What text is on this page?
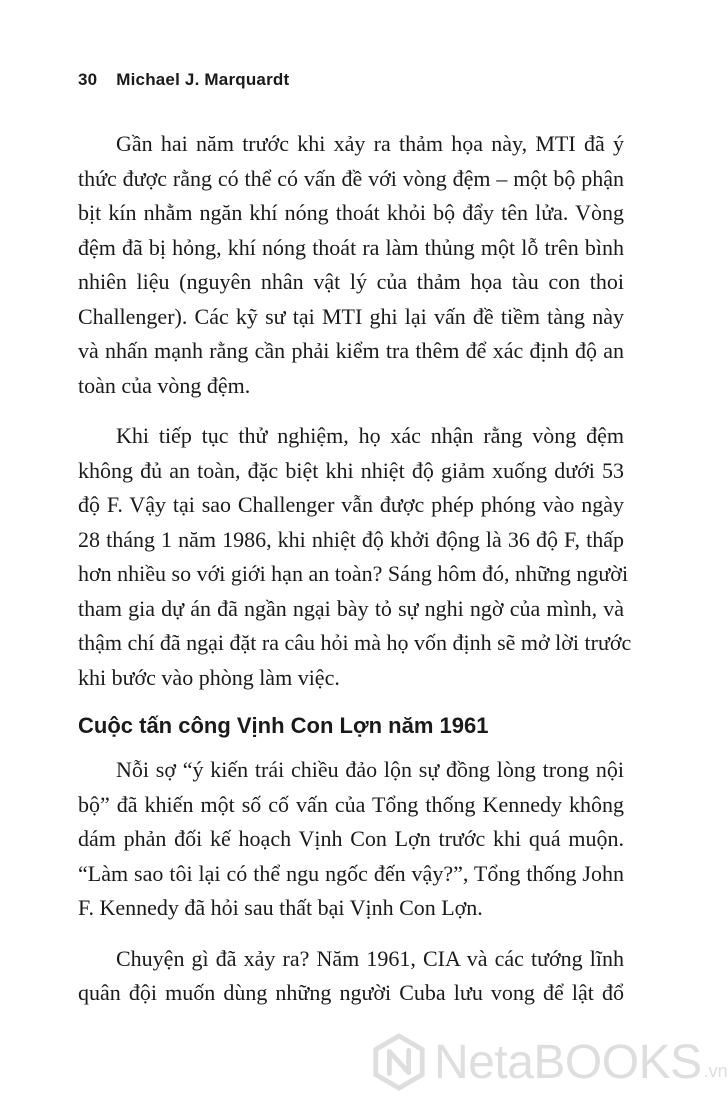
30 Michael J. Marquardt

Gần hai năm trước khi xảy ra thảm họa này, MTI đã ý
thức được rằng có thể có vấn đề với vòng đệm – một bộ phận
bịt kín nhằm ngăn khí nóng thoát khỏi bộ đẩy tên lửa. Vòng
đệm đã bị hỏng, khí nóng thoát ra làm thủng một lỗ trên bình
nhiên liệu (nguyên nhân vật lý của thảm họa tàu con thoi
Challenger). Các kỹ sư tại MTI ghi lại vấn đề tiềm tàng này
và nhấn mạnh rằng cần phải kiểm tra thêm để xác định độ an
toàn của vòng đệm.

Khi tiếp tục thử nghiệm, họ xác nhận rằng vòng đệm
không đủ an toàn, đặc biệt khi nhiệt độ giảm xuống dưới 53
độ F. Vậy tại sao Challenger vẫn được phép phóng vào ngày
28 tháng 1 năm 1986, khi nhiệt độ khởi động là 36 độ F, thấp
hơn nhiều so với giới hạn an toàn? Sáng hôm đó, những người
tham gia dự án đã ngần ngại bày tỏ sự nghi ngờ của mình, và
thậm chí đã ngại đặt ra câu hỏi mà họ vốn định sẽ mở lời trước
khi bước vào phòng làm việc.

Cuộc tấn công Vịnh Con Lợn năm 1961

Nỗi sợ “ý kiến trái chiều đảo lộn sự đồng lòng trong nội
bộ” đã khiến một số cố vấn của Tổng thống Kennedy không
dám phản đối kế hoạch Vịnh Con Lợn trước khi quá muộn.
“Làm sao tôi lại có thể ngu ngốc đến vậy?”, Tổng thống John
F. Kennedy đã hỏi sau thất bại Vịnh Con Lợn.

Chuyện gì đã xảy ra? Năm 1961, CIA và các tướng lĩnh
quân đội muốn dùng những người Cuba lưu vong để lật đổ

NetaBOOKS .vn
